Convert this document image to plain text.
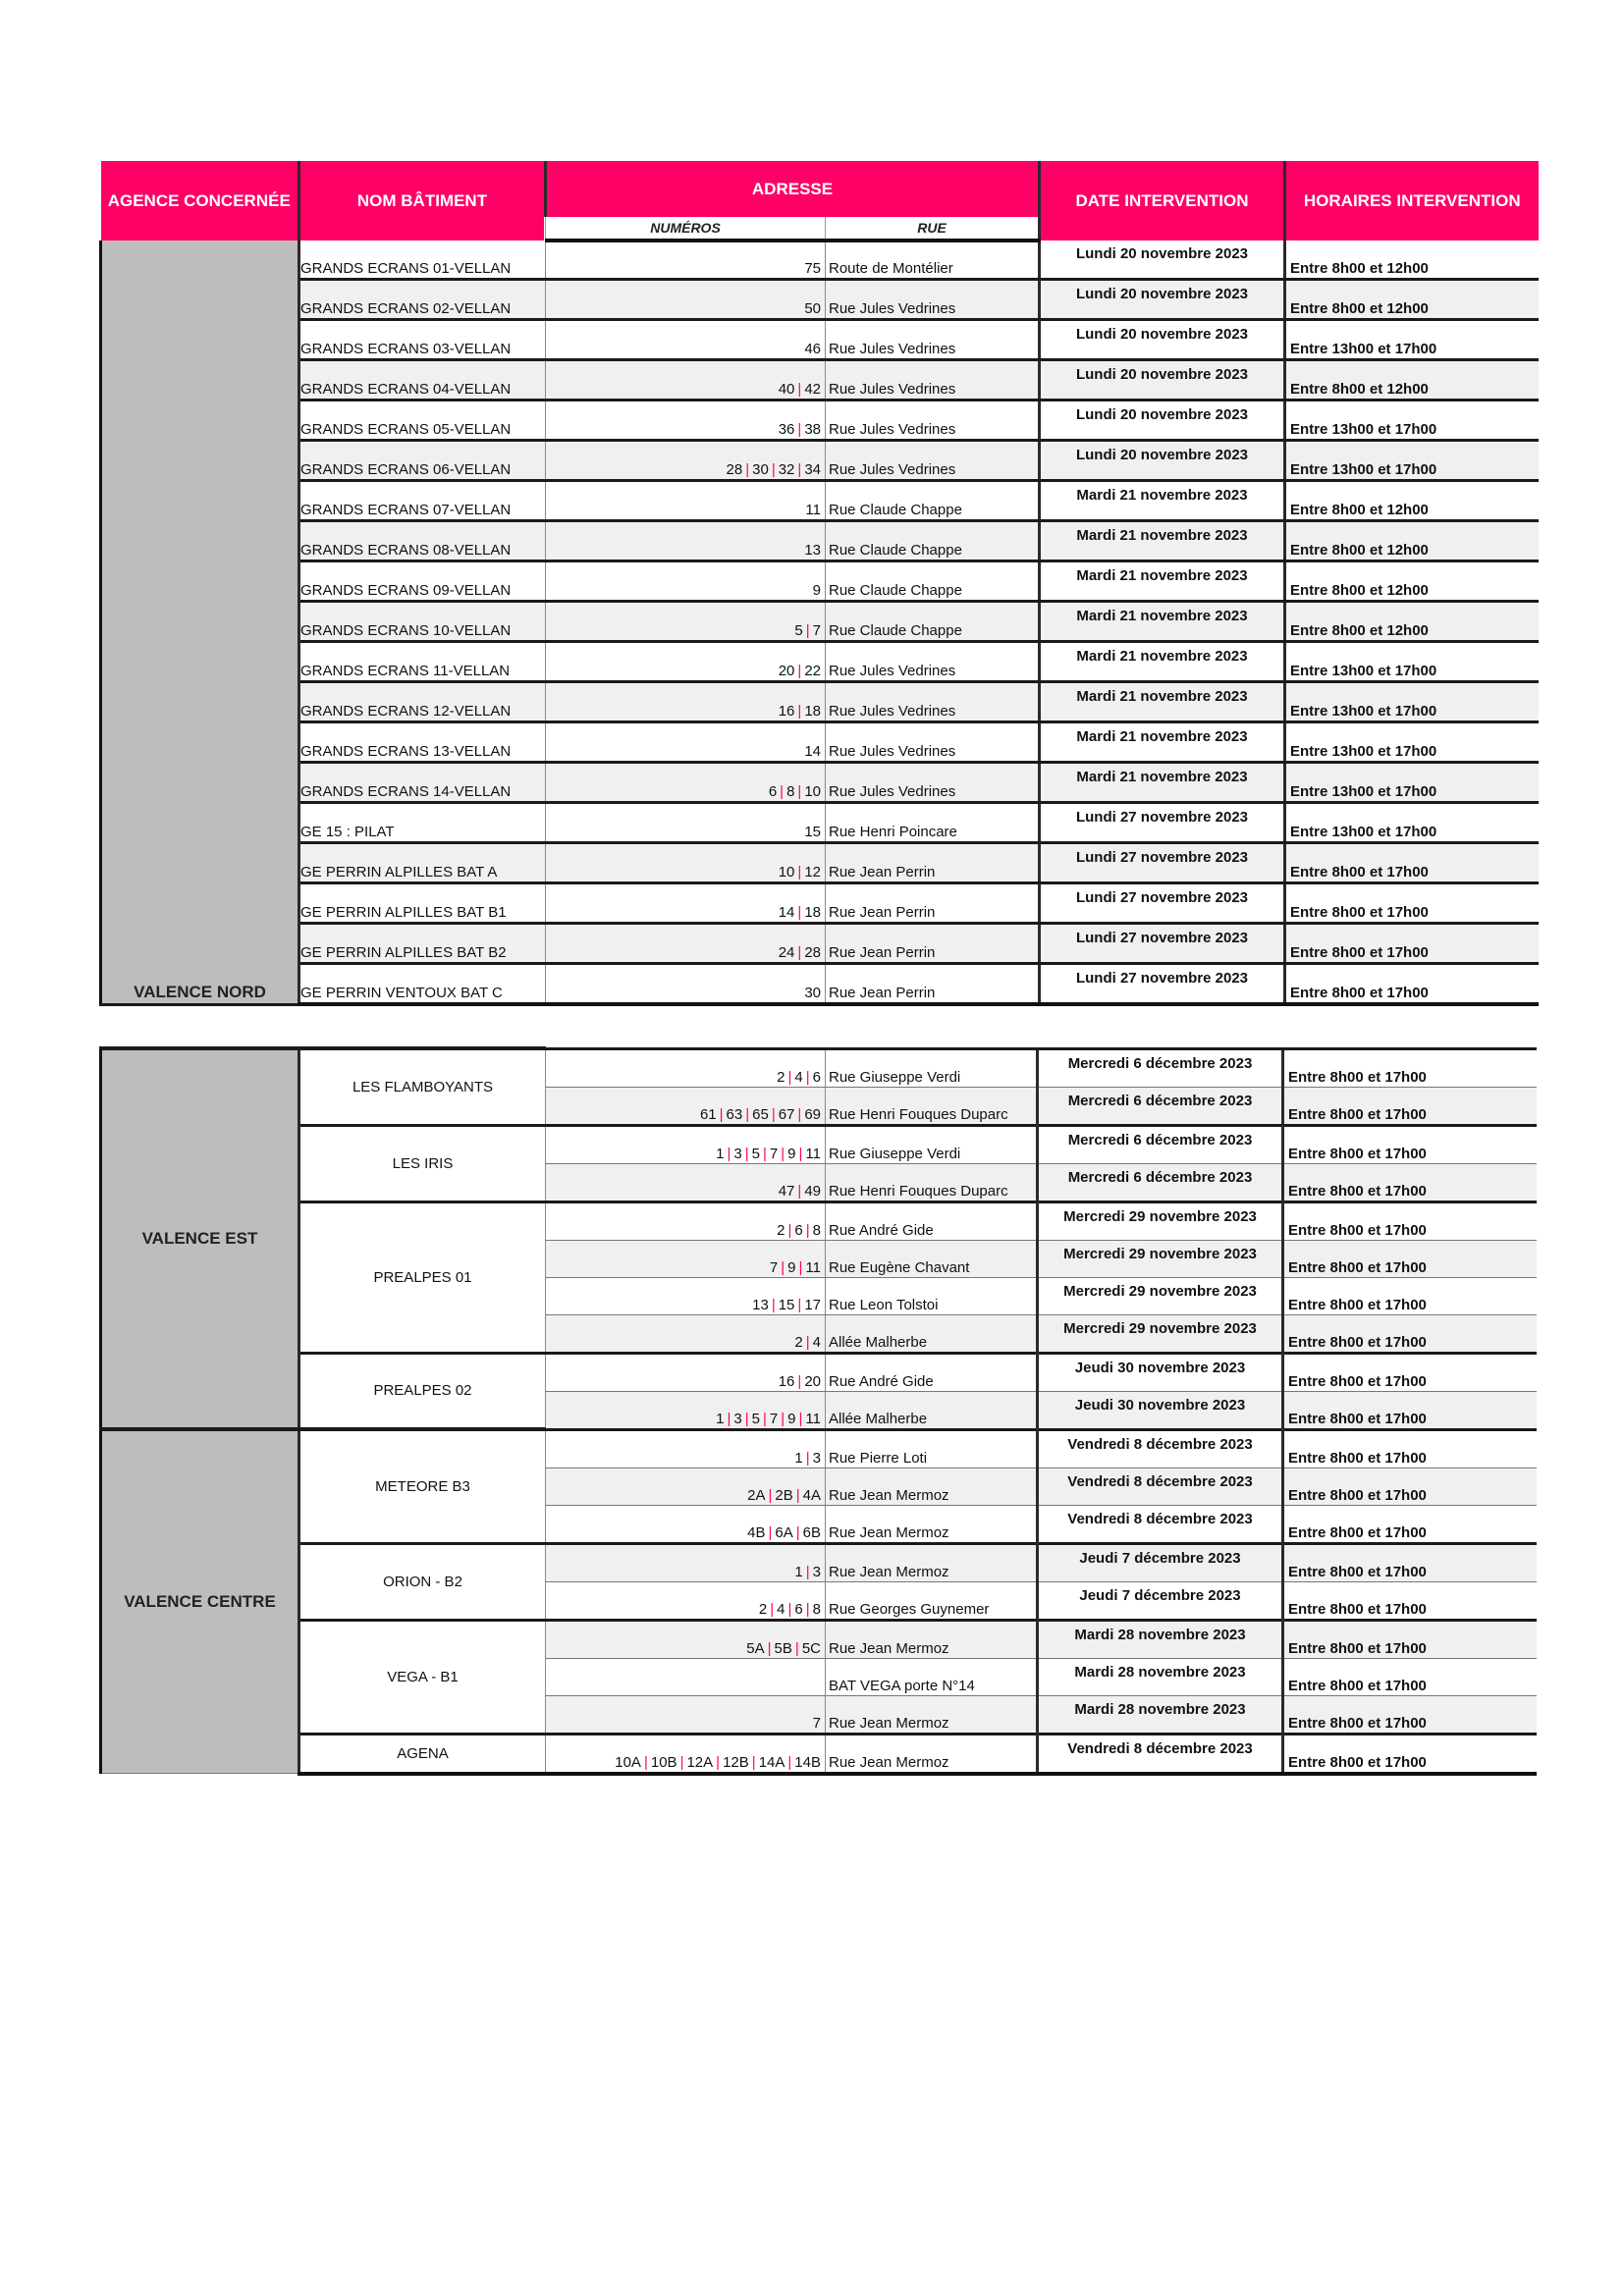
AGENCE CONCERNÉE	NOM BÂTIMENT	ADRESSE		DATE INTERVENTION	HORAIRES INTERVENTION
		NUMÉROS	RUE		
VALENCE NORD	GRANDS ECRANS 01-VELLAN	75	Route de Montélier	Lundi 20 novembre 2023	Entre 8h00 et 12h00
	GRANDS ECRANS 02-VELLAN	50	Rue Jules Vedrines	Lundi 20 novembre 2023	Entre 8h00 et 12h00
	GRANDS ECRANS 03-VELLAN	46	Rue Jules Vedrines	Lundi 20 novembre 2023	Entre 13h00 et 17h00
	GRANDS ECRANS 04-VELLAN	40 | 42	Rue Jules Vedrines	Lundi 20 novembre 2023	Entre 8h00 et 12h00
	GRANDS ECRANS 05-VELLAN	36 | 38	Rue Jules Vedrines	Lundi 20 novembre 2023	Entre 13h00 et 17h00
	GRANDS ECRANS 06-VELLAN	28 | 30 | 32 | 34	Rue Jules Vedrines	Lundi 20 novembre 2023	Entre 13h00 et 17h00
	GRANDS ECRANS 07-VELLAN	11	Rue Claude Chappe	Mardi 21 novembre 2023	Entre 8h00 et 12h00
	GRANDS ECRANS 08-VELLAN	13	Rue Claude Chappe	Mardi 21 novembre 2023	Entre 8h00 et 12h00
	GRANDS ECRANS 09-VELLAN	9	Rue Claude Chappe	Mardi 21 novembre 2023	Entre 8h00 et 12h00
	GRANDS ECRANS 10-VELLAN	5 | 7	Rue Claude Chappe	Mardi 21 novembre 2023	Entre 8h00 et 12h00
	GRANDS ECRANS 11-VELLAN	20 | 22	Rue Jules Vedrines	Mardi 21 novembre 2023	Entre 13h00 et 17h00
	GRANDS ECRANS 12-VELLAN	16 | 18	Rue Jules Vedrines	Mardi 21 novembre 2023	Entre 13h00 et 17h00
	GRANDS ECRANS 13-VELLAN	14	Rue Jules Vedrines	Mardi 21 novembre 2023	Entre 13h00 et 17h00
	GRANDS ECRANS 14-VELLAN	6 | 8 | 10	Rue Jules Vedrines	Mardi 21 novembre 2023	Entre 13h00 et 17h00
	GE 15 : PILAT	15	Rue Henri Poincare	Lundi 27 novembre 2023	Entre 13h00 et 17h00
	GE PERRIN ALPILLES BAT A	10 | 12	Rue Jean Perrin	Lundi 27 novembre 2023	Entre 8h00 et 17h00
	GE PERRIN ALPILLES BAT B1	14 | 18	Rue Jean Perrin	Lundi 27 novembre 2023	Entre 8h00 et 17h00
	GE PERRIN ALPILLES BAT B2	24 | 28	Rue Jean Perrin	Lundi 27 novembre 2023	Entre 8h00 et 17h00
	GE PERRIN VENTOUX BAT C	30	Rue Jean Perrin	Lundi 27 novembre 2023	Entre 8h00 et 17h00
VALENCE EST	LES FLAMBOYANTS	2 | 4 | 6	Rue Giuseppe Verdi	Mercredi 6 décembre 2023	Entre 8h00 et 17h00
		61 | 63 | 65 | 67 | 69	Rue Henri Fouques Duparc	Mercredi 6 décembre 2023	Entre 8h00 et 17h00
	LES IRIS	1 | 3 | 5 | 7 | 9 | 11	Rue Giuseppe Verdi	Mercredi 6 décembre 2023	Entre 8h00 et 17h00
		47 | 49	Rue Henri Fouques Duparc	Mercredi 6 décembre 2023	Entre 8h00 et 17h00
	PREALPES 01	2 | 6 | 8	Rue André Gide	Mercredi 29 novembre 2023	Entre 8h00 et 17h00
		7 | 9 | 11	Rue Eugène Chavant	Mercredi 29 novembre 2023	Entre 8h00 et 17h00
		13 | 15 | 17	Rue Leon Tolstoi	Mercredi 29 novembre 2023	Entre 8h00 et 17h00
		2 | 4	Allée Malherbe	Mercredi 29 novembre 2023	Entre 8h00 et 17h00
	PREALPES 02	16 | 20	Rue André Gide	Jeudi 30 novembre 2023	Entre 8h00 et 17h00
		1 | 3 | 5 | 7 | 9 | 11	Allée Malherbe	Jeudi 30 novembre 2023	Entre 8h00 et 17h00
VALENCE CENTRE	METEORE B3	1 | 3	Rue Pierre Loti	Vendredi 8 décembre 2023	Entre 8h00 et 17h00
		2A | 2B | 4A	Rue Jean Mermoz	Vendredi 8 décembre 2023	Entre 8h00 et 17h00
		4B | 6A | 6B	Rue Jean Mermoz	Vendredi 8 décembre 2023	Entre 8h00 et 17h00
	ORION - B2	1 | 3	Rue Jean Mermoz	Jeudi 7 décembre 2023	Entre 8h00 et 17h00
		2 | 4 | 6 | 8	Rue Georges Guynemer	Jeudi 7 décembre 2023	Entre 8h00 et 17h00
	VEGA - B1	5A | 5B | 5C	Rue Jean Mermoz	Mardi 28 novembre 2023	Entre 8h00 et 17h00
			BAT VEGA porte N°14	Mardi 28 novembre 2023	Entre 8h00 et 17h00
		7	Rue Jean Mermoz	Mardi 28 novembre 2023	Entre 8h00 et 17h00
	AGENA	10A | 10B | 12A | 12B | 14A | 14B	Rue Jean Mermoz	Vendredi 8 décembre 2023	Entre 8h00 et 17h00
